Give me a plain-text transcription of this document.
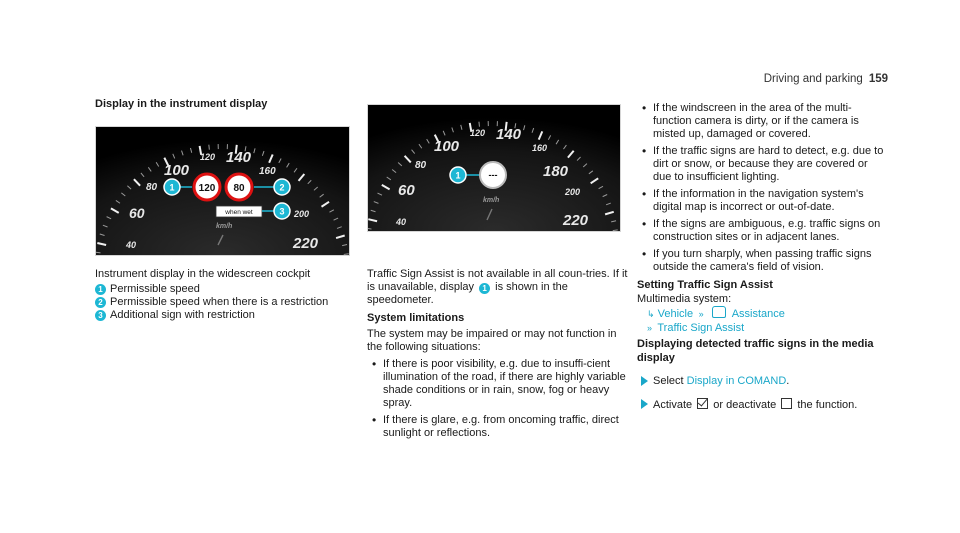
Driving and parking 159
Display in the instrument display
40
60
80
100
120 140
160
200
220
km/h
120 80
when wet
1	2
3

Instrument display in the widescreen cockpit

1 Permissible speed
2 Permissible speed when there is a restriction
3 Additional sign with restriction
40
60
80
100
120 140
160
180
200
220
km/h
---
1

Traffic Sign Assist is not available in all coun-tries. If it is unavailable, display 1 is shown in the speedometer.

System limitations

The system may be impaired or may not function in the following situations:

• If there is poor visibility, e.g. due to insuffi-cient illumination of the road, if there are highly variable shade conditions or in rain, snow, fog or heavy spray.
• If there is glare, e.g. from oncoming traffic, direct sunlight or reflections.
• If the windscreen in the area of the multi-function camera is dirty, or if the camera is misted up, damaged or covered.
• If the traffic signs are hard to detect, e.g. due to dirt or snow, or because they are covered or due to insufficient lighting.
• If the information in the navigation system's digital map is incorrect or out-of-date.
• If the signs are ambiguous, e.g. traffic signs on construction sites or in adjacent lanes.
• If you turn sharply, when passing traffic signs outside the camera's field of vision.
Setting Traffic Sign Assist

Multimedia system:

↳ Vehicle  »   Assistance

»  Traffic Sign Assist

Displaying detected traffic signs in the media display
Select Display in COMAND.
Activate or deactivate the function.
